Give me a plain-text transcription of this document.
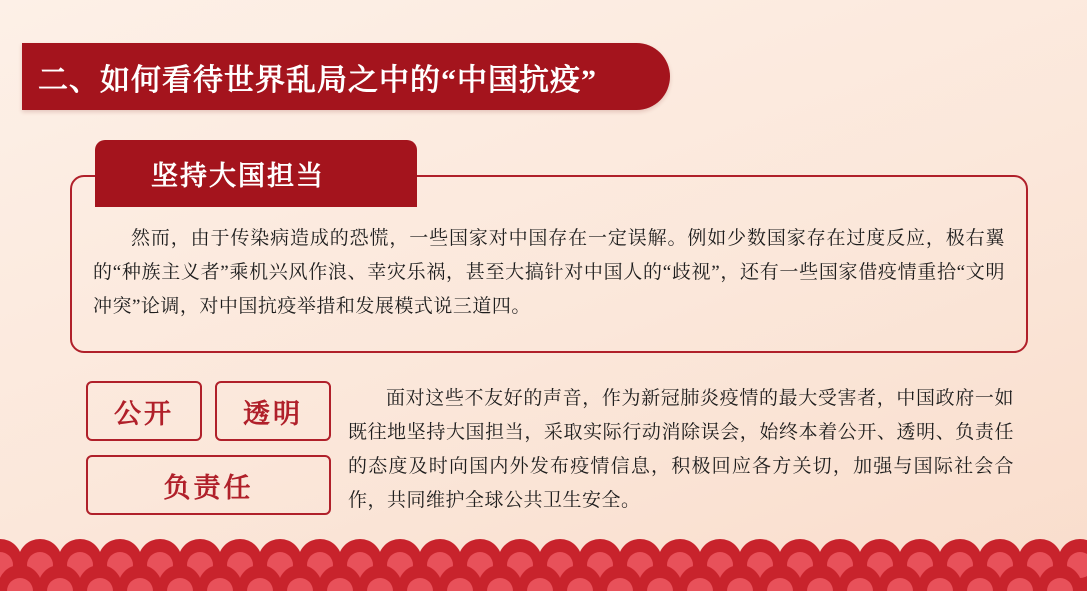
二、如何看待世界乱局之中的“中国抗疫”
坚持大国担当
然而，由于传染病造成的恐慌，一些国家对中国存在一定误解。例如少数国家存在过度反应，极右翼的“种族主义者”乘机兴风作浪、幸灾乐祸，甚至大搞针对中国人的“歧视”，还有一些国家借疫情重拾“文明冲突”论调，对中国抗疫举措和发展模式说三道四。
公开	透明
负责任
面对这些不友好的声音，作为新冠肺炎疫情的最大受害者，中国政府一如既往地坚持大国担当，采取实际行动消除误会，始终本着公开、透明、负责任的态度及时向国内外发布疫情信息，积极回应各方关切，加强与国际社会合作，共同维护全球公共卫生安全。
